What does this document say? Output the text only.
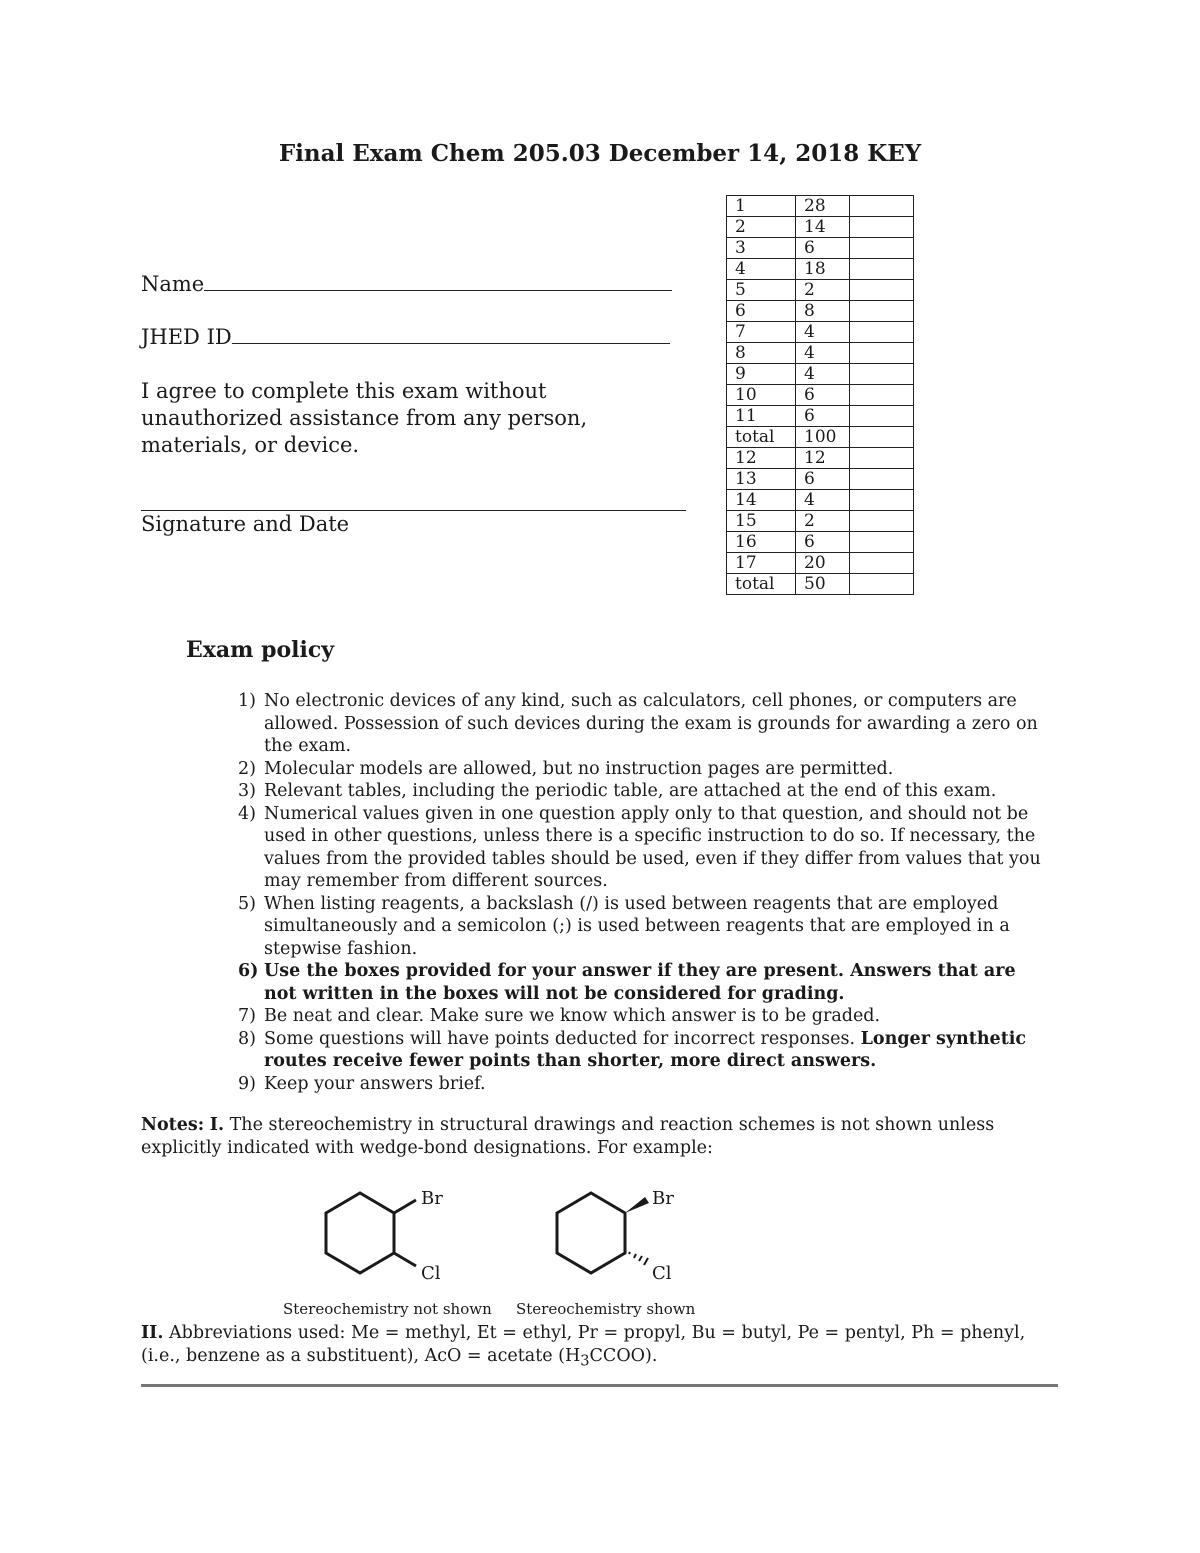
Final Exam Chem 205.03 December 14, 2018 KEY
Name
JHED ID
I agree to complete this exam without unauthorized assistance from any person, materials, or device.
Signature and Date
1	28	
2	14	
3	6	
4	18	
5	2	
6	8	
7	4	
8	4	
9	4	
10	6	
11	6	
total	100	
12	12	
13	6	
14	4	
15	2	
16	6	
17	20	
total	50	
Exam policy
1) No electronic devices of any kind, such as calculators, cell phones, or computers are allowed. Possession of such devices during the exam is grounds for awarding a zero on the exam.
2) Molecular models are allowed, but no instruction pages are permitted.
3) Relevant tables, including the periodic table, are attached at the end of this exam.
4) Numerical values given in one question apply only to that question, and should not be used in other questions, unless there is a specific instruction to do so. If necessary, the values from the provided tables should be used, even if they differ from values that you may remember from different sources.
5) When listing reagents, a backslash (/) is used between reagents that are employed simultaneously and a semicolon (;) is used between reagents that are employed in a stepwise fashion.
6) Use the boxes provided for your answer if they are present. Answers that are not written in the boxes will not be considered for grading.
7) Be neat and clear. Make sure we know which answer is to be graded.
8) Some questions will have points deducted for incorrect responses. Longer synthetic routes receive fewer points than shorter, more direct answers.
9) Keep your answers brief.
Notes: I. The stereochemistry in structural drawings and reaction schemes is not shown unless explicitly indicated with wedge-bond designations. For example:
Br
Cl
Br
Cl
Stereochemistry not shown Stereochemistry shown
II. Abbreviations used: Me = methyl, Et = ethyl, Pr = propyl, Bu = butyl, Pe = pentyl, Ph = phenyl, (i.e., benzene as a substituent), AcO = acetate $(H_3CCOO)$.
